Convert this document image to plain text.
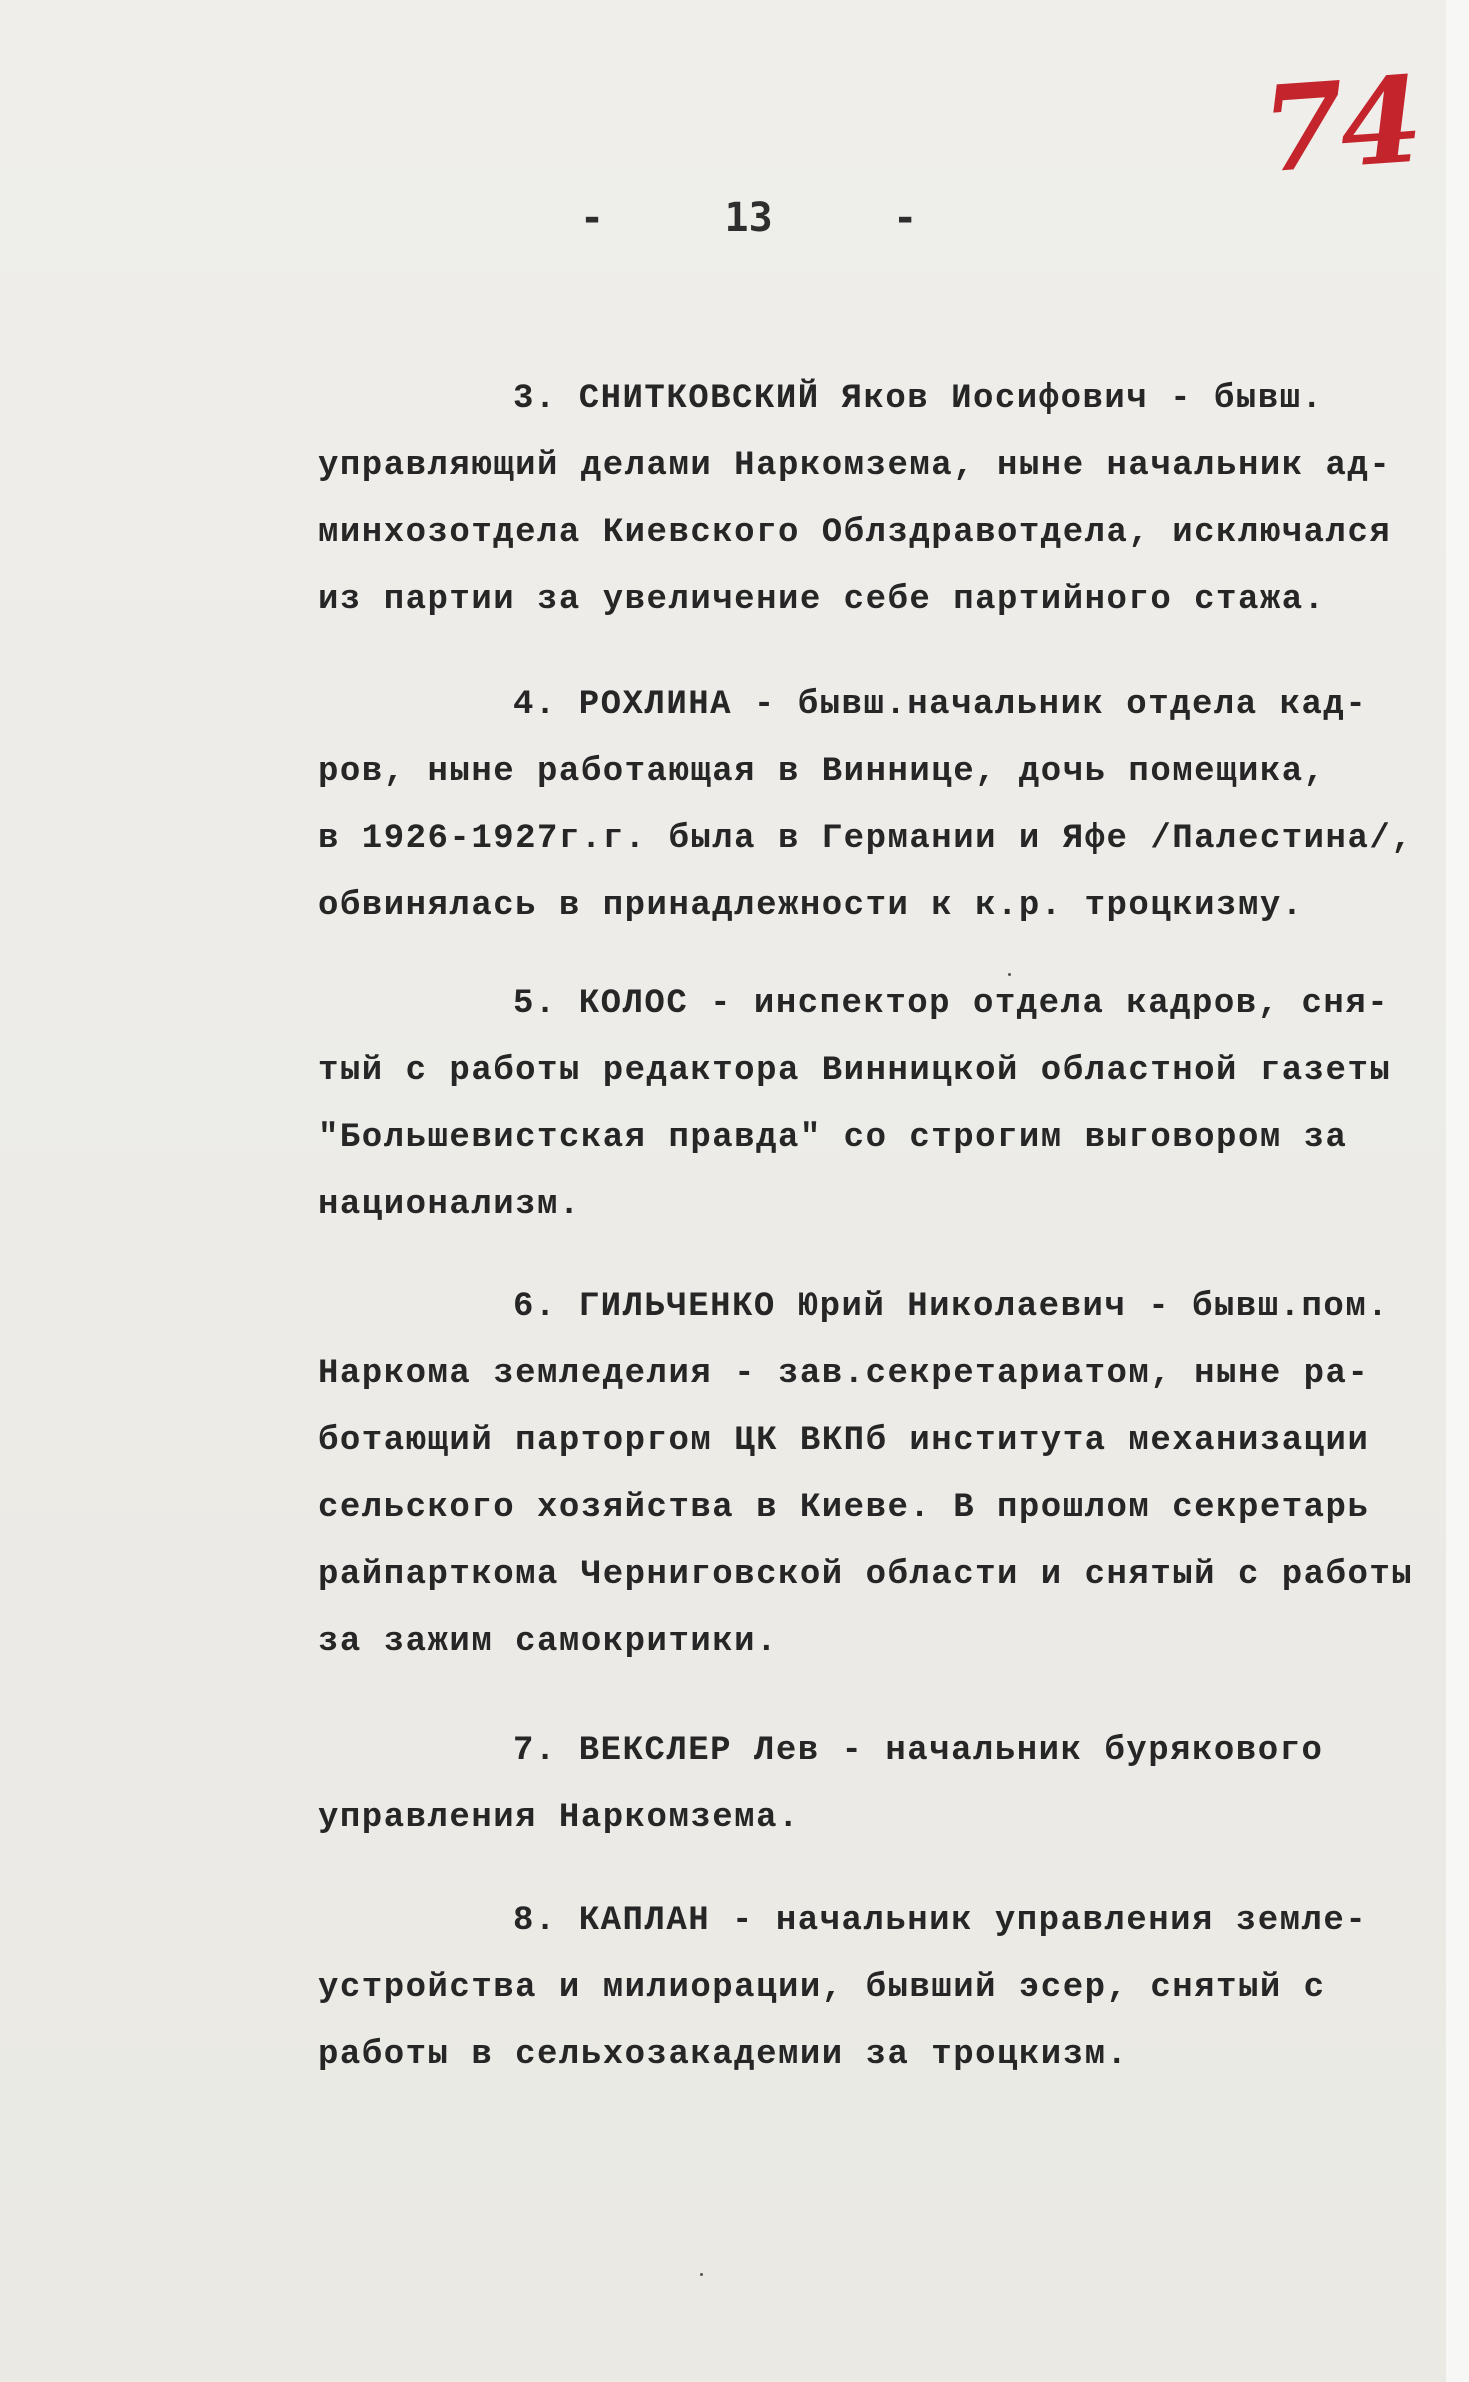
74
-	13	-
3. СНИТКОВСКИЙ Яков Иосифович - бывш.
управляющий делами Наркомзема, ныне начальник ад-
минхозотдела Киевского Облздравотдела, исключался
из партии за увеличение себе партийного стажа.
4. РОХЛИНА - бывш.начальник отдела кад-
ров, ныне работающая в Виннице, дочь помещика,
в 1926-1927г.г. была в Германии и Яфе /Палестина/,
обвинялась в принадлежности к к.р. троцкизму.
5. КОЛОС - инспектор отдела кадров, сня-
тый с работы редактора Винницкой областной газеты
"Большевистская правда" со строгим выговором за
национализм.
6. ГИЛЬЧЕНКО Юрий Николаевич - бывш.пом.
Наркома земледелия - зав.секретариатом, ныне ра-
ботающий парторгом ЦК ВКПб института механизации
сельского хозяйства в Киеве. В прошлом секретарь
райпарткома Черниговской области и снятый с работы
за зажим самокритики.
7. ВЕКСЛЕР Лев - начальник бурякового
управления Наркомзема.
8. КАПЛАН - начальник управления земле-
устройства и милиорации, бывший эсер, снятый с
работы в сельхозакадемии за троцкизм.
